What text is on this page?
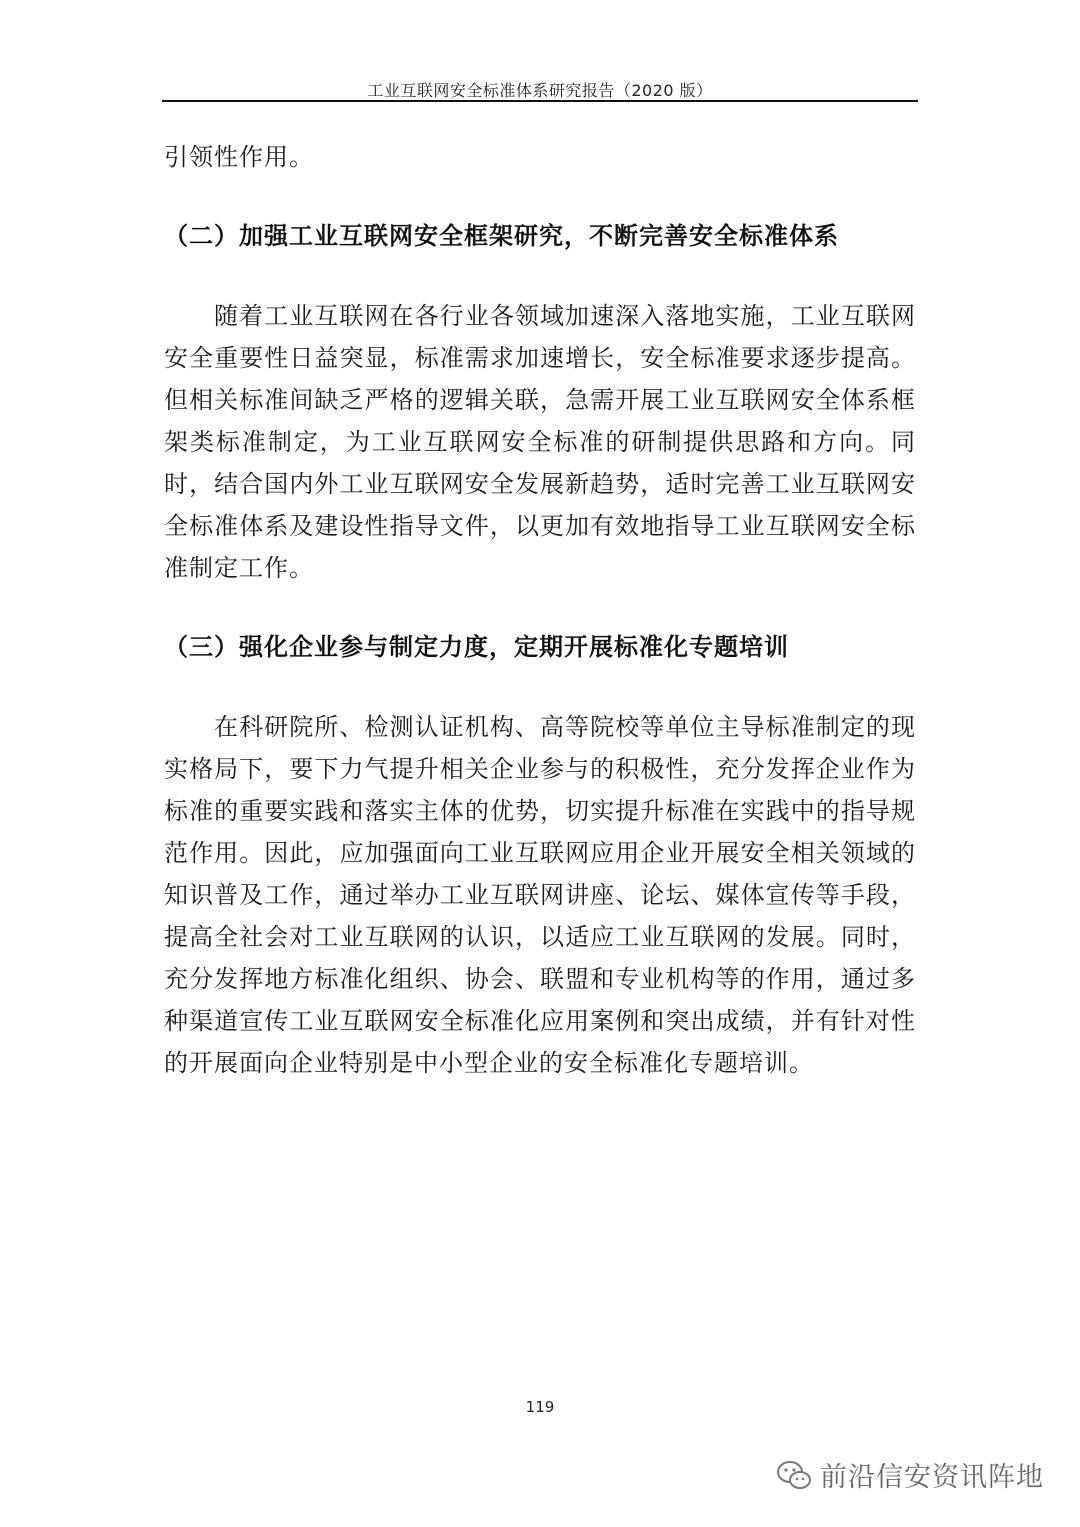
工业互联网安全标准体系研究报告（2020 版）

引领性作用。

（二）加强工业互联网安全框架研究，不断完善安全标准体系

随着工业互联网在各行业各领域加速深入落地实施，工业互联网安全重要性日益突显，标准需求加速增长，安全标准要求逐步提高。但相关标准间缺乏严格的逻辑关联，急需开展工业互联网安全体系框架类标准制定，为工业互联网安全标准的研制提供思路和方向。同时，结合国内外工业互联网安全发展新趋势，适时完善工业互联网安全标准体系及建设性指导文件，以更加有效地指导工业互联网安全标准制定工作。

（三）强化企业参与制定力度，定期开展标准化专题培训

在科研院所、检测认证机构、高等院校等单位主导标准制定的现实格局下，要下力气提升相关企业参与的积极性，充分发挥企业作为标准的重要实践和落实主体的优势，切实提升标准在实践中的指导规范作用。因此，应加强面向工业互联网应用企业开展安全相关领域的知识普及工作，通过举办工业互联网讲座、论坛、媒体宣传等手段，提高全社会对工业互联网的认识，以适应工业互联网的发展。同时，充分发挥地方标准化组织、协会、联盟和专业机构等的作用，通过多种渠道宣传工业互联网安全标准化应用案例和突出成绩，并有针对性的开展面向企业特别是中小型企业的安全标准化专题培训。

119
前沿信安资讯阵地
